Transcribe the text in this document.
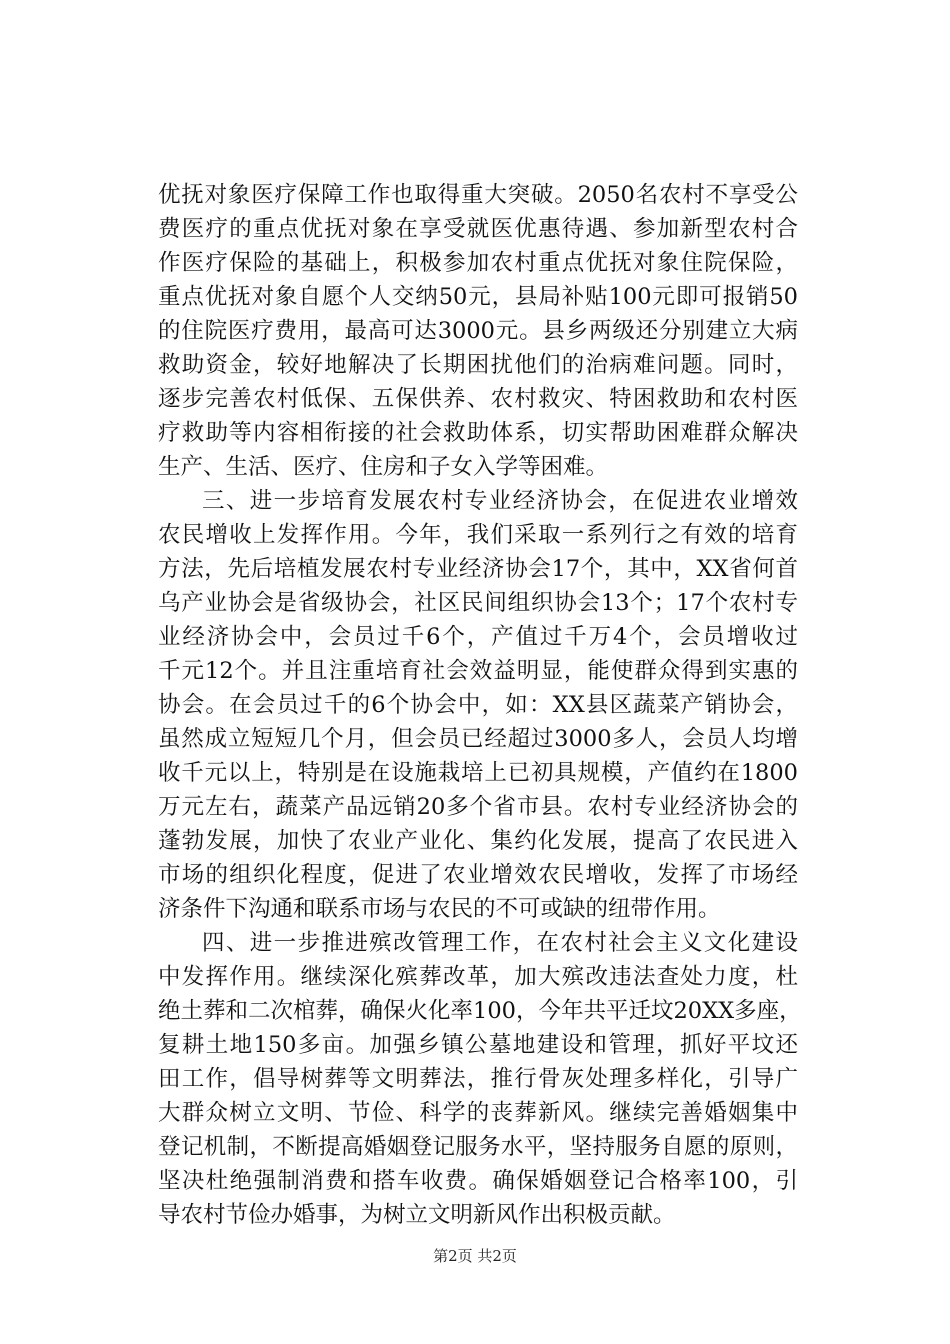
优抚对象医疗保障工作也取得重大突破。2050名农村不享受公
费医疗的重点优抚对象在享受就医优惠待遇、参加新型农村合
作医疗保险的基础上，积极参加农村重点优抚对象住院保险，
重点优抚对象自愿个人交纳50元，县局补贴100元即可报销50
的住院医疗费用，最高可达3000元。县乡两级还分别建立大病
救助资金，较好地解决了长期困扰他们的治病难问题。同时，
逐步完善农村低保、五保供养、农村救灾、特困救助和农村医
疗救助等内容相衔接的社会救助体系，切实帮助困难群众解决
生产、生活、医疗、住房和子女入学等困难。
三、进一步培育发展农村专业经济协会，在促进农业增效
农民增收上发挥作用。今年，我们采取一系列行之有效的培育
方法，先后培植发展农村专业经济协会17个，其中，XX省何首
乌产业协会是省级协会，社区民间组织协会13个；17个农村专
业经济协会中，会员过千6个，产值过千万4个，会员增收过
千元12个。并且注重培育社会效益明显，能使群众得到实惠的
协会。在会员过千的6个协会中，如：XX县区蔬菜产销协会，
虽然成立短短几个月，但会员已经超过3000多人，会员人均增
收千元以上，特别是在设施栽培上已初具规模，产值约在1800
万元左右，蔬菜产品远销20多个省市县。农村专业经济协会的
蓬勃发展，加快了农业产业化、集约化发展，提高了农民进入
市场的组织化程度，促进了农业增效农民增收，发挥了市场经
济条件下沟通和联系市场与农民的不可或缺的纽带作用。
四、进一步推进殡改管理工作，在农村社会主义文化建设
中发挥作用。继续深化殡葬改革，加大殡改违法查处力度，杜
绝土葬和二次棺葬，确保火化率100，今年共平迁坟20XX多座，
复耕土地150多亩。加强乡镇公墓地建设和管理，抓好平坟还
田工作，倡导树葬等文明葬法，推行骨灰处理多样化，引导广
大群众树立文明、节俭、科学的丧葬新风。继续完善婚姻集中
登记机制，不断提高婚姻登记服务水平，坚持服务自愿的原则，
坚决杜绝强制消费和搭车收费。确保婚姻登记合格率100，引
导农村节俭办婚事，为树立文明新风作出积极贡献。
第2页 共2页
